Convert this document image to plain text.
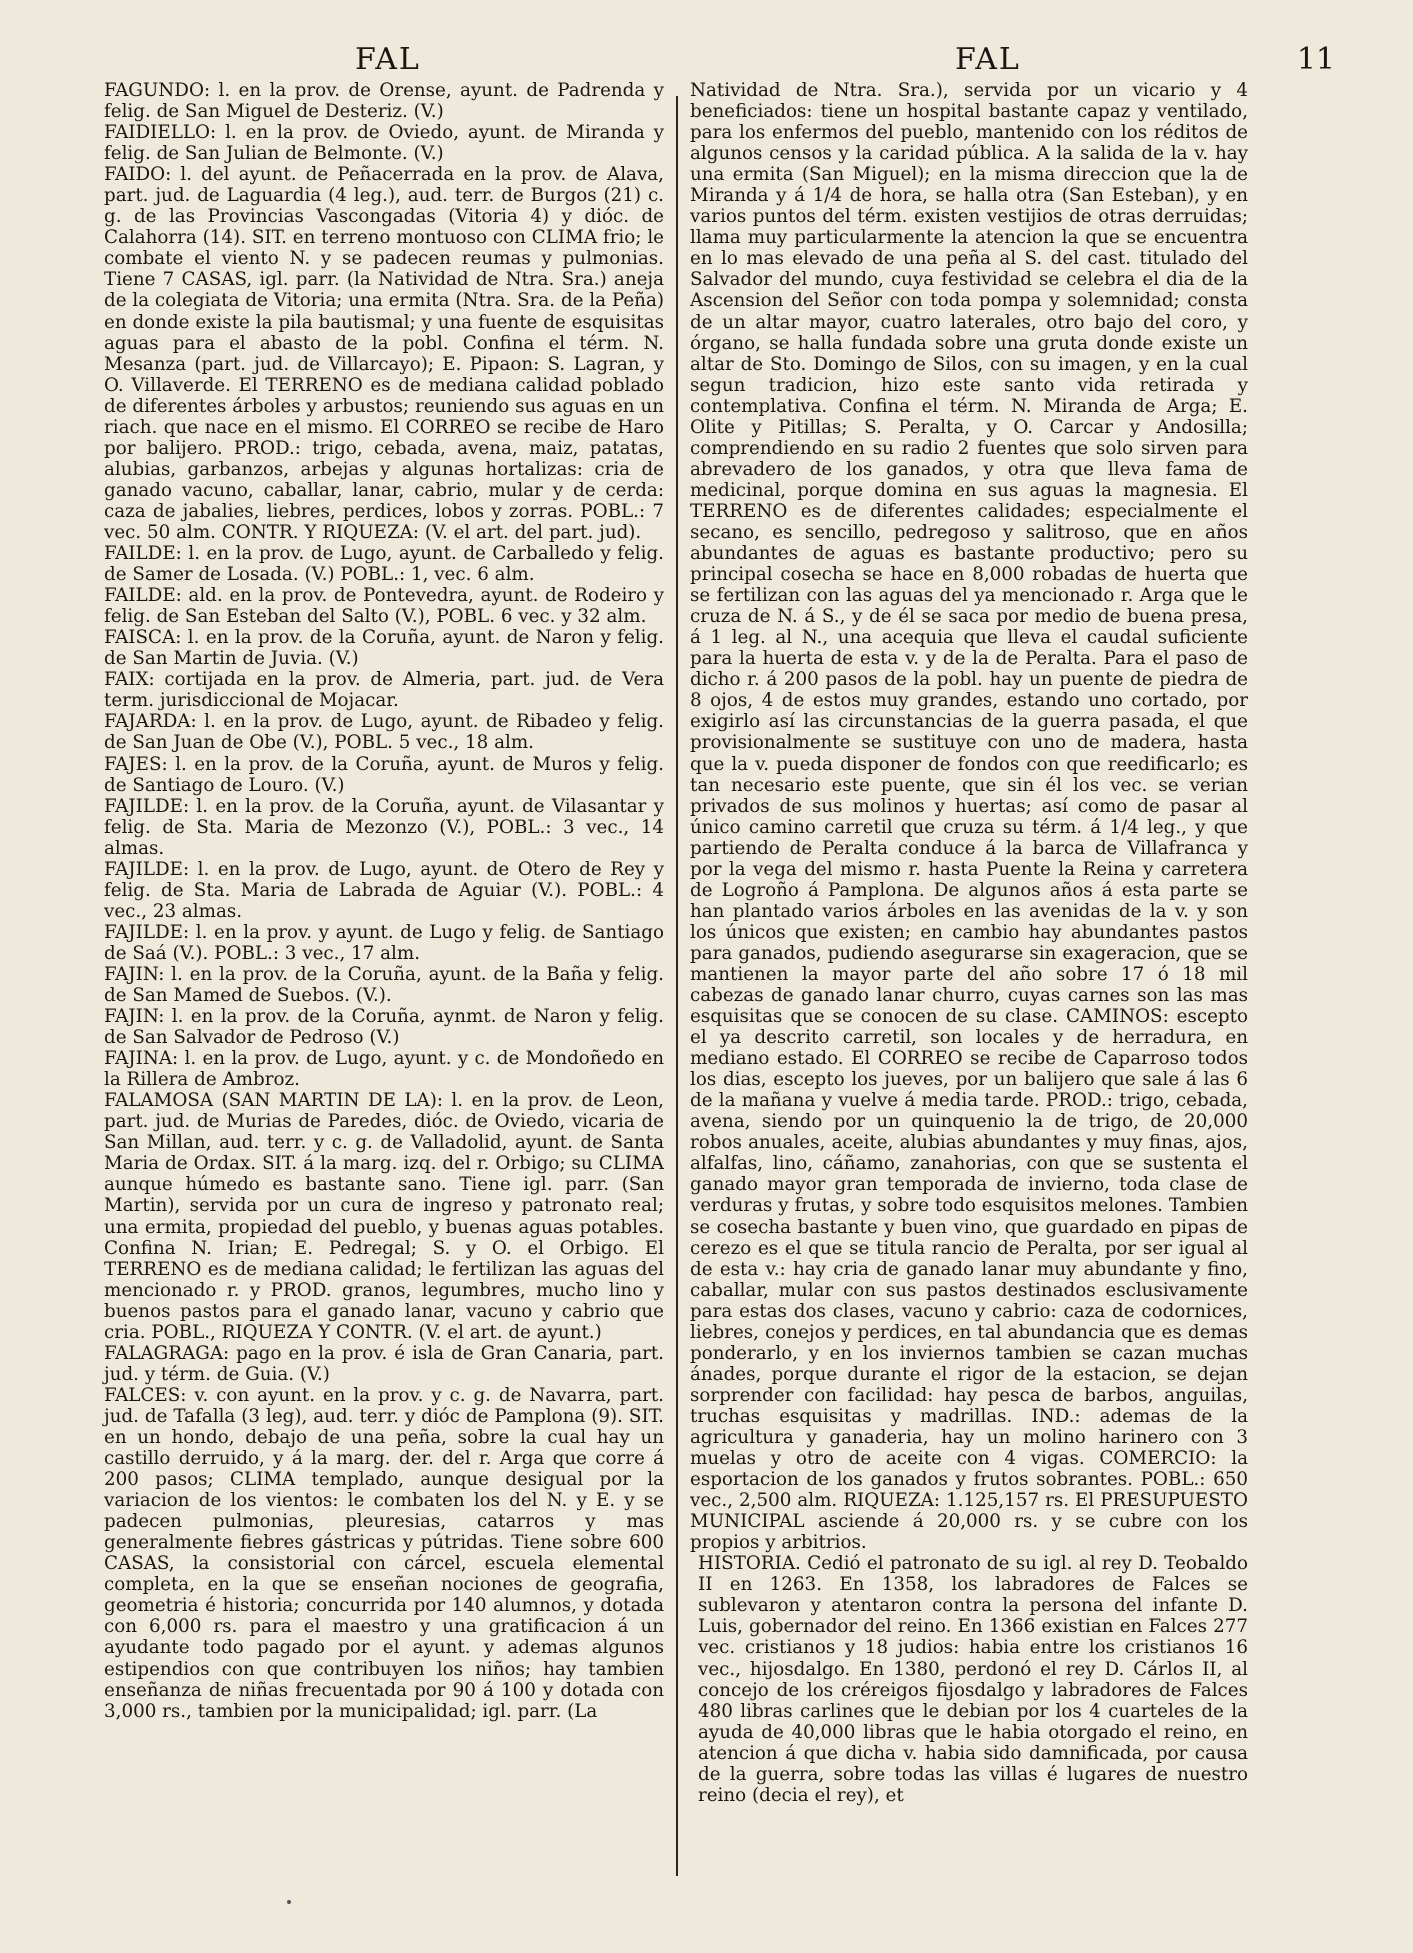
FAL	FAL	11

FAGUNDO: l. en la prov. de Orense, ayunt. de Padrenda y felig. de San Miguel de Desteriz. (V.)

FAIDIELLO: l. en la prov. de Oviedo, ayunt. de Miranda y felig. de San Julian de Belmonte. (V.)

FAIDO: l. del ayunt. de Peñacerrada en la prov. de Alava, part. jud. de Laguardia (4 leg.), aud. terr. de Burgos (21) c. g. de las Provincias Vascongadas (Vitoria 4) y dióc. de Calahorra (14). SIT. en terreno montuoso con CLIMA frio; le combate el viento N. y se padecen reumas y pulmonias. Tiene 7 CASAS, igl. parr. (la Natividad de Ntra. Sra.) aneja de la colegiata de Vitoria; una ermita (Ntra. Sra. de la Peña) en donde existe la pila bautismal; y una fuente de esquisitas aguas para el abasto de la pobl. Confina el térm. N. Mesanza (part. jud. de Villarcayo); E. Pipaon: S. Lagran, y O. Villaverde. El TERRENO es de mediana calidad poblado de diferentes árboles y arbustos; reuniendo sus aguas en un riach. que nace en el mismo. El CORREO se recibe de Haro por balijero. PROD.: trigo, cebada, avena, maiz, patatas, alubias, garbanzos, arbejas y algunas hortalizas: cria de ganado vacuno, caballar, lanar, cabrio, mular y de cerda: caza de jabalies, liebres, perdices, lobos y zorras. POBL.: 7 vec. 50 alm. CONTR. Y RIQUEZA: (V. el art. del part. jud).

FAILDE: l. en la prov. de Lugo, ayunt. de Carballedo y felig. de Samer de Losada. (V.) POBL.: 1, vec. 6 alm.

FAILDE: ald. en la prov. de Pontevedra, ayunt. de Rodeiro y felig. de San Esteban del Salto (V.), POBL. 6 vec. y 32 alm.

FAISCA: l. en la prov. de la Coruña, ayunt. de Naron y felig. de San Martin de Juvia. (V.)

FAIX: cortijada en la prov. de Almeria, part. jud. de Vera term. jurisdiccional de Mojacar.

FAJARDA: l. en la prov. de Lugo, ayunt. de Ribadeo y felig. de San Juan de Obe (V.), POBL. 5 vec., 18 alm.

FAJES: l. en la prov. de la Coruña, ayunt. de Muros y felig. de Santiago de Louro. (V.)

FAJILDE: l. en la prov. de la Coruña, ayunt. de Vilasantar y felig. de Sta. Maria de Mezonzo (V.), POBL.: 3 vec., 14 almas.

FAJILDE: l. en la prov. de Lugo, ayunt. de Otero de Rey y felig. de Sta. Maria de Labrada de Aguiar (V.). POBL.: 4 vec., 23 almas.

FAJILDE: l. en la prov. y ayunt. de Lugo y felig. de Santiago de Saá (V.). POBL.: 3 vec., 17 alm.

FAJIN: l. en la prov. de la Coruña, ayunt. de la Baña y felig. de San Mamed de Suebos. (V.).

FAJIN: l. en la prov. de la Coruña, aynmt. de Naron y felig. de San Salvador de Pedroso (V.)

FAJINA: l. en la prov. de Lugo, ayunt. y c. de Mondoñedo en la Rillera de Ambroz.

FALAMOSA (SAN MARTIN DE LA): l. en la prov. de Leon, part. jud. de Murias de Paredes, dióc. de Oviedo, vicaria de San Millan, aud. terr. y c. g. de Valladolid, ayunt. de Santa Maria de Ordax. SIT. á la marg. izq. del r. Orbigo; su CLIMA aunque húmedo es bastante sano. Tiene igl. parr. (San Martin), servida por un cura de ingreso y patronato real; una ermita, propiedad del pueblo, y buenas aguas potables. Confina N. Irian; E. Pedregal; S. y O. el Orbigo. El TERRENO es de mediana calidad; le fertilizan las aguas del mencionado r. y PROD. granos, legumbres, mucho lino y buenos pastos para el ganado lanar, vacuno y cabrio que cria. POBL., RIQUEZA Y CONTR. (V. el art. de ayunt.)

FALAGRAGA: pago en la prov. é isla de Gran Canaria, part. jud. y térm. de Guia. (V.)

FALCES: v. con ayunt. en la prov. y c. g. de Navarra, part. jud. de Tafalla (3 leg), aud. terr. y dióc de Pamplona (9). SIT. en un hondo, debajo de una peña, sobre la cual hay un castillo derruido, y á la marg. der. del r. Arga que corre á 200 pasos; CLIMA templado, aunque desigual por la variacion de los vientos: le combaten los del N. y E. y se padecen pulmonias, pleuresias, catarros y mas generalmente fiebres gástricas y pútridas. Tiene sobre 600 CASAS, la consistorial con cárcel, escuela elemental completa, en la que se enseñan nociones de geografia, geometria é historia; concurrida por 140 alumnos, y dotada con 6,000 rs. para el maestro y una gratificacion á un ayudante todo pagado por el ayunt. y ademas algunos estipendios con que contribuyen los niños; hay tambien enseñanza de niñas frecuentada por 90 á 100 y dotada con 3,000 rs., tambien por la municipalidad; igl. parr. (La

Natividad de Ntra. Sra.), servida por un vicario y 4 beneficiados: tiene un hospital bastante capaz y ventilado, para los enfermos del pueblo, mantenido con los réditos de algunos censos y la caridad pública. A la salida de la v. hay una ermita (San Miguel); en la misma direccion que la de Miranda y á 1/4 de hora, se halla otra (San Esteban), y en varios puntos del térm. existen vestijios de otras derruidas; llama muy particularmente la atencion la que se encuentra en lo mas elevado de una peña al S. del cast. titulado del Salvador del mundo, cuya festividad se celebra el dia de la Ascension del Señor con toda pompa y solemnidad; consta de un altar mayor, cuatro laterales, otro bajo del coro, y órgano, se halla fundada sobre una gruta donde existe un altar de Sto. Domingo de Silos, con su imagen, y en la cual segun tradicion, hizo este santo vida retirada y contemplativa. Confina el térm. N. Miranda de Arga; E. Olite y Pitillas; S. Peralta, y O. Carcar y Andosilla; comprendiendo en su radio 2 fuentes que solo sirven para abrevadero de los ganados, y otra que lleva fama de medicinal, porque domina en sus aguas la magnesia. El TERRENO es de diferentes calidades; especialmente el secano, es sencillo, pedregoso y salitroso, que en años abundantes de aguas es bastante productivo; pero su principal cosecha se hace en 8,000 robadas de huerta que se fertilizan con las aguas del ya mencionado r. Arga que le cruza de N. á S., y de él se saca por medio de buena presa, á 1 leg. al N., una acequia que lleva el caudal suficiente para la huerta de esta v. y de la de Peralta. Para el paso de dicho r. á 200 pasos de la pobl. hay un puente de piedra de 8 ojos, 4 de estos muy grandes, estando uno cortado, por exigirlo así las circunstancias de la guerra pasada, el que provisionalmente se sustituye con uno de madera, hasta que la v. pueda disponer de fondos con que reedificarlo; es tan necesario este puente, que sin él los vec. se verian privados de sus molinos y huertas; así como de pasar al único camino carretil que cruza su térm. á 1/4 leg., y que partiendo de Peralta conduce á la barca de Villafranca y por la vega del mismo r. hasta Puente la Reina y carretera de Logroño á Pamplona. De algunos años á esta parte se han plantado varios árboles en las avenidas de la v. y son los únicos que existen; en cambio hay abundantes pastos para ganados, pudiendo asegurarse sin exageracion, que se mantienen la mayor parte del año sobre 17 ó 18 mil cabezas de ganado lanar churro, cuyas carnes son las mas esquisitas que se conocen de su clase. CAMINOS: escepto el ya descrito carretil, son locales y de herradura, en mediano estado. El CORREO se recibe de Caparroso todos los dias, escepto los jueves, por un balijero que sale á las 6 de la mañana y vuelve á media tarde. PROD.: trigo, cebada, avena, siendo por un quinquenio la de trigo, de 20,000 robos anuales, aceite, alubias abundantes y muy finas, ajos, alfalfas, lino, cáñamo, zanahorias, con que se sustenta el ganado mayor gran temporada de invierno, toda clase de verduras y frutas, y sobre todo esquisitos melones. Tambien se cosecha bastante y buen vino, que guardado en pipas de cerezo es el que se titula rancio de Peralta, por ser igual al de esta v.: hay cria de ganado lanar muy abundante y fino, caballar, mular con sus pastos destinados esclusivamente para estas dos clases, vacuno y cabrio: caza de codornices, liebres, conejos y perdices, en tal abundancia que es demas ponderarlo, y en los inviernos tambien se cazan muchas ánades, porque durante el rigor de la estacion, se dejan sorprender con facilidad: hay pesca de barbos, anguilas, truchas esquisitas y madrillas. IND.: ademas de la agricultura y ganaderia, hay un molino harinero con 3 muelas y otro de aceite con 4 vigas. COMERCIO: la esportacion de los ganados y frutos sobrantes. POBL.: 650 vec., 2,500 alm. RIQUEZA: 1.125,157 rs. El PRESUPUESTO MUNICIPAL asciende á 20,000 rs. y se cubre con los propios y arbitrios.

HISTORIA. Cedió el patronato de su igl. al rey D. Teobaldo II en 1263. En 1358, los labradores de Falces se sublevaron y atentaron contra la persona del infante D. Luis, gobernador del reino. En 1366 existian en Falces 277 vec. cristianos y 18 judios: habia entre los cristianos 16 vec., hijosdalgo. En 1380, perdonó el rey D. Cárlos II, al concejo de los créreigos fijosdalgo y labradores de Falces 480 libras carlines que le debian por los 4 cuarteles de la ayuda de 40,000 libras que le habia otorgado el reino, en atencion á que dicha v. habia sido damnificada, por causa de la guerra, sobre todas las villas é lugares de nuestro reino (decia el rey), et
